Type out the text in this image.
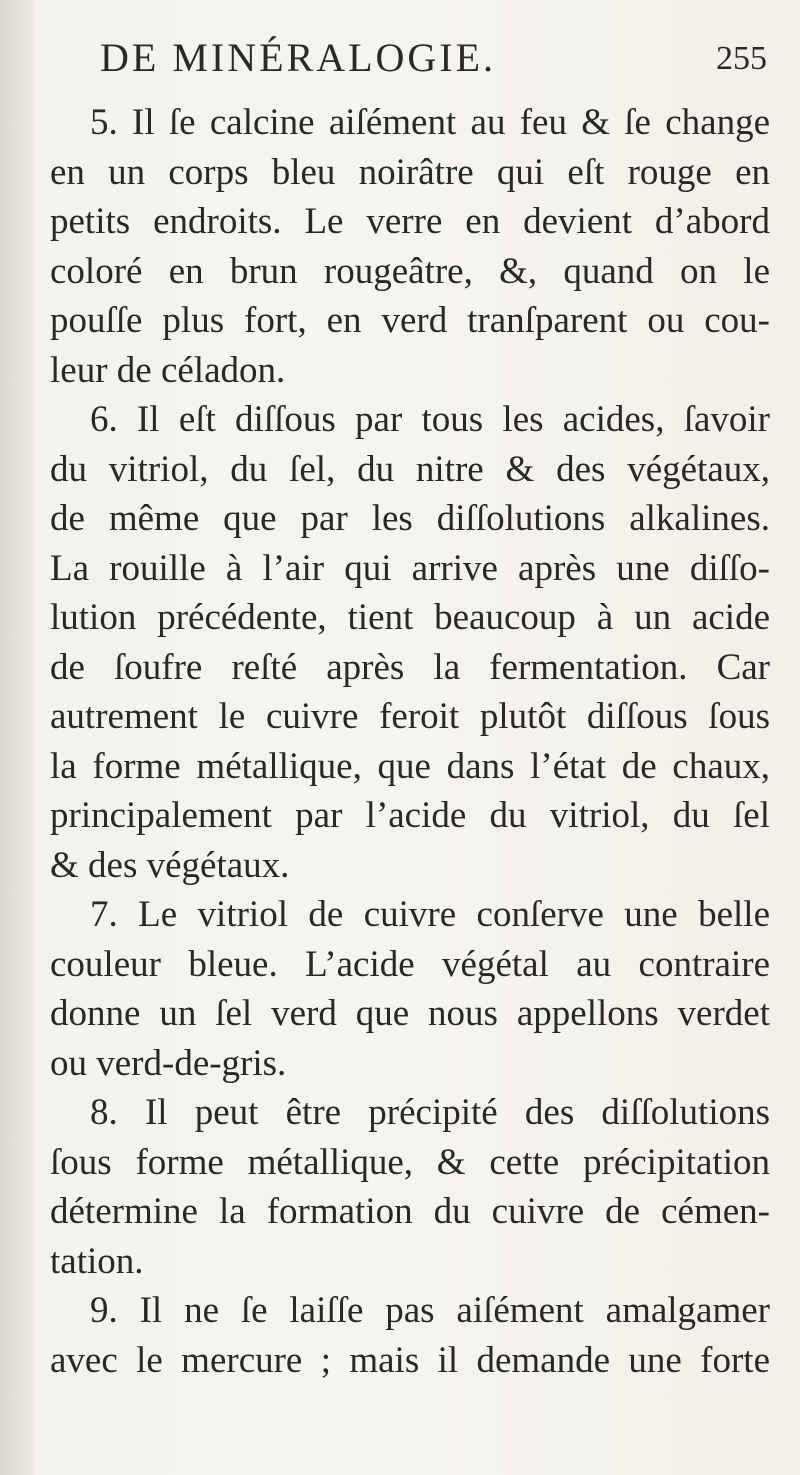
DE MINÉRALOGIE.	255
5. Il ſe calcine aiſément au feu & ſe change
en un corps bleu noirâtre qui eſt rouge en
petits endroits. Le verre en devient d’abord
coloré en brun rougeâtre, &, quand on le
pouſſe plus fort, en verd tranſparent ou cou-
leur de céladon.
6. Il eſt diſſous par tous les acides, ſavoir
du vitriol, du ſel, du nitre & des végétaux,
de même que par les diſſolutions alkalines.
La rouille à l’air qui arrive après une diſſo-
lution précédente, tient beaucoup à un acide
de ſoufre reſté après la fermentation. Car
autrement le cuivre feroit plutôt diſſous ſous
la forme métallique, que dans l’état de chaux,
principalement par l’acide du vitriol, du ſel
& des végétaux.
7. Le vitriol de cuivre conſerve une belle
couleur bleue. L’acide végétal au contraire
donne un ſel verd que nous appellons verdet
ou verd-de-gris.
8. Il peut être précipité des diſſolutions
ſous forme métallique, & cette précipitation
détermine la formation du cuivre de cémen-
tation.
9. Il ne ſe laiſſe pas aiſément amalgamer
avec le mercure ; mais il demande une forte
